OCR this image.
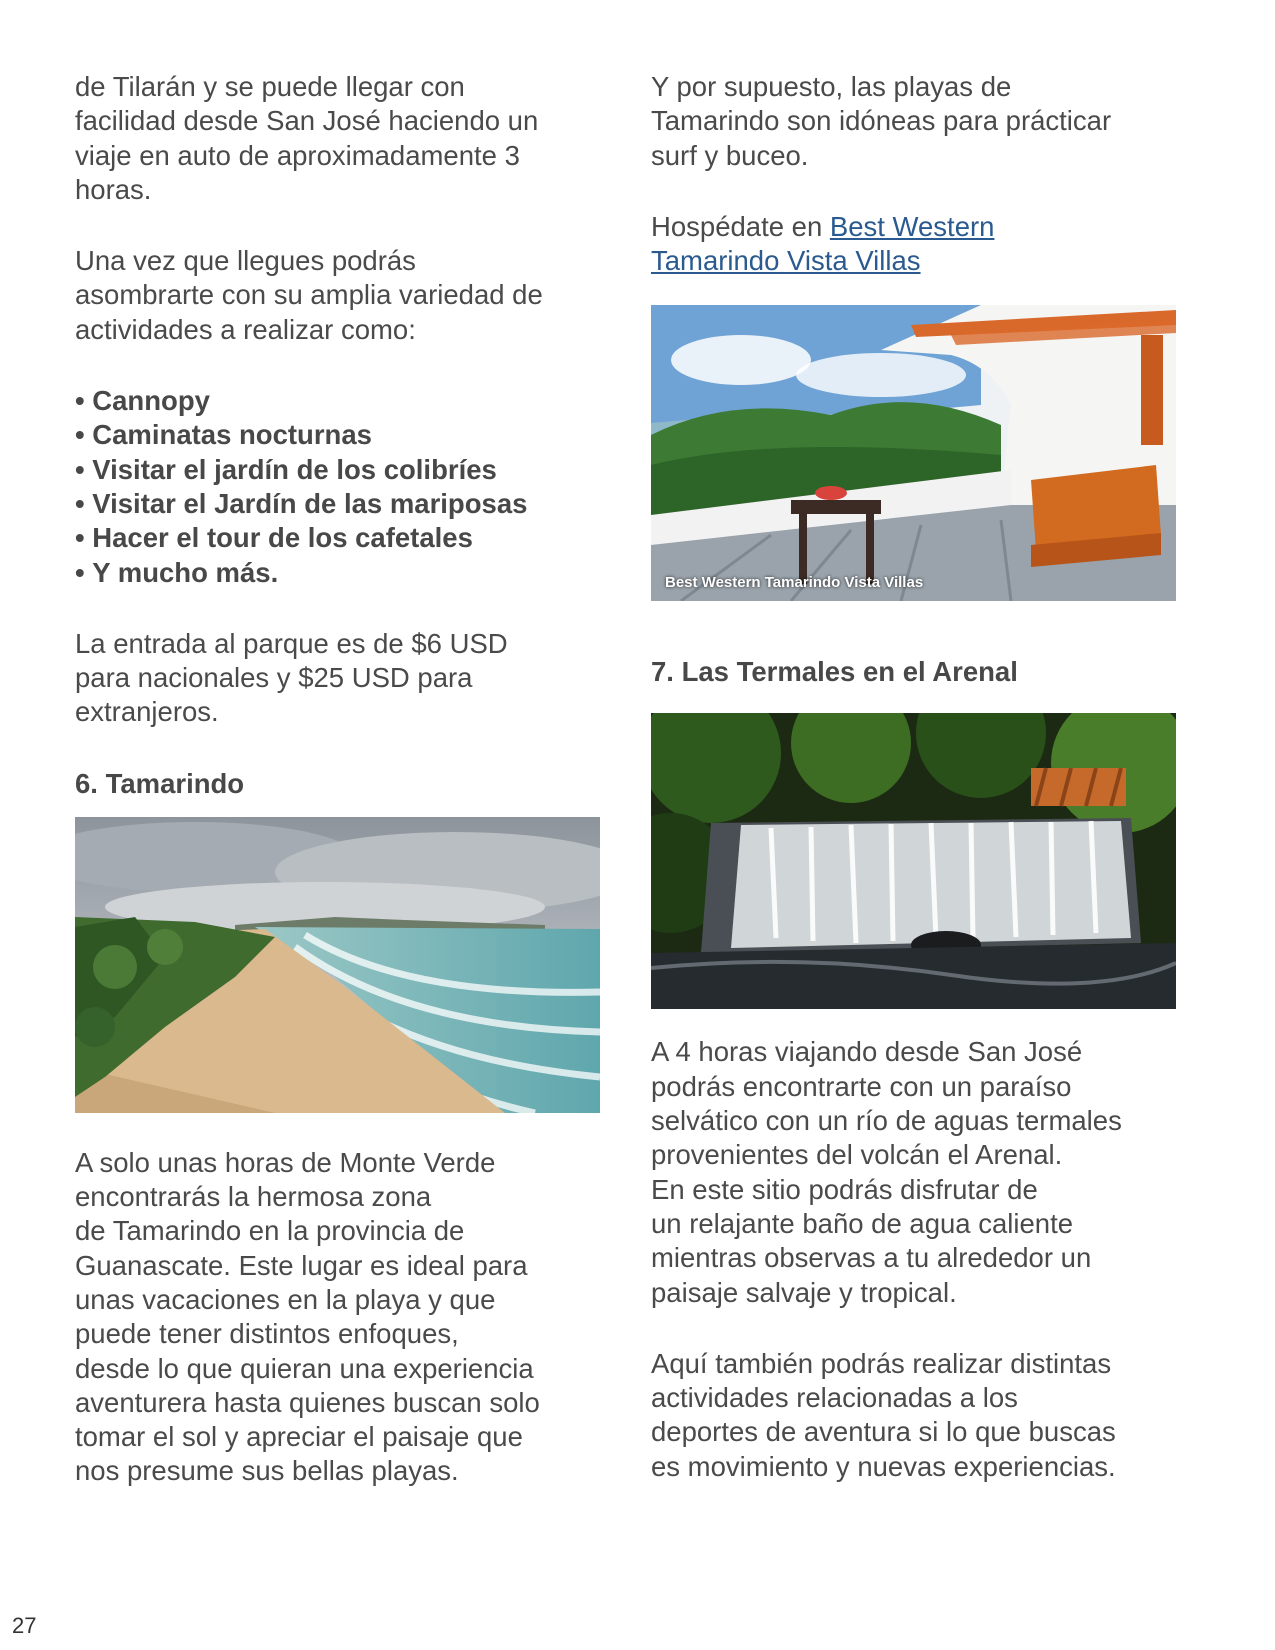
de Tilarán y se puede llegar con
facilidad desde San José haciendo un
viaje en auto de aproximadamente 3
horas.

Una vez que llegues podrás
asombrarte con su amplia variedad de
actividades a realizar como:

• Cannopy
• Caminatas nocturnas
• Visitar el jardín de los colibríes
• Visitar el Jardín de las mariposas
• Hacer el tour de los cafetales
• Y mucho más.

La entrada al parque es de $6 USD
para nacionales y $25 USD para
extranjeros.

6. Tamarindo

A solo unas horas de Monte Verde
encontrarás la hermosa zona
de Tamarindo en la provincia de
Guanascate. Este lugar es ideal para
unas vacaciones en la playa y que
puede tener distintos enfoques,
desde lo que quieran una experiencia
aventurera hasta quienes buscan solo
tomar el sol y apreciar el paisaje que
nos presume sus bellas playas.

Y por supuesto, las playas de
Tamarindo son idóneas para prácticar
surf y buceo.

Hospédate en Best Western
Tamarindo Vista Villas

Best Western Tamarindo Vista Villas
7. Las Termales en el Arenal

A 4 horas viajando desde San José
podrás encontrarte con un paraíso
selvático con un río de aguas termales
provenientes del volcán el Arenal.
En este sitio podrás disfrutar de
un relajante baño de agua caliente
mientras observas a tu alrededor un
paisaje salvaje y tropical.

Aquí también podrás realizar distintas
actividades relacionadas a los
deportes de aventura si lo que buscas
es movimiento y nuevas experiencias.

27
